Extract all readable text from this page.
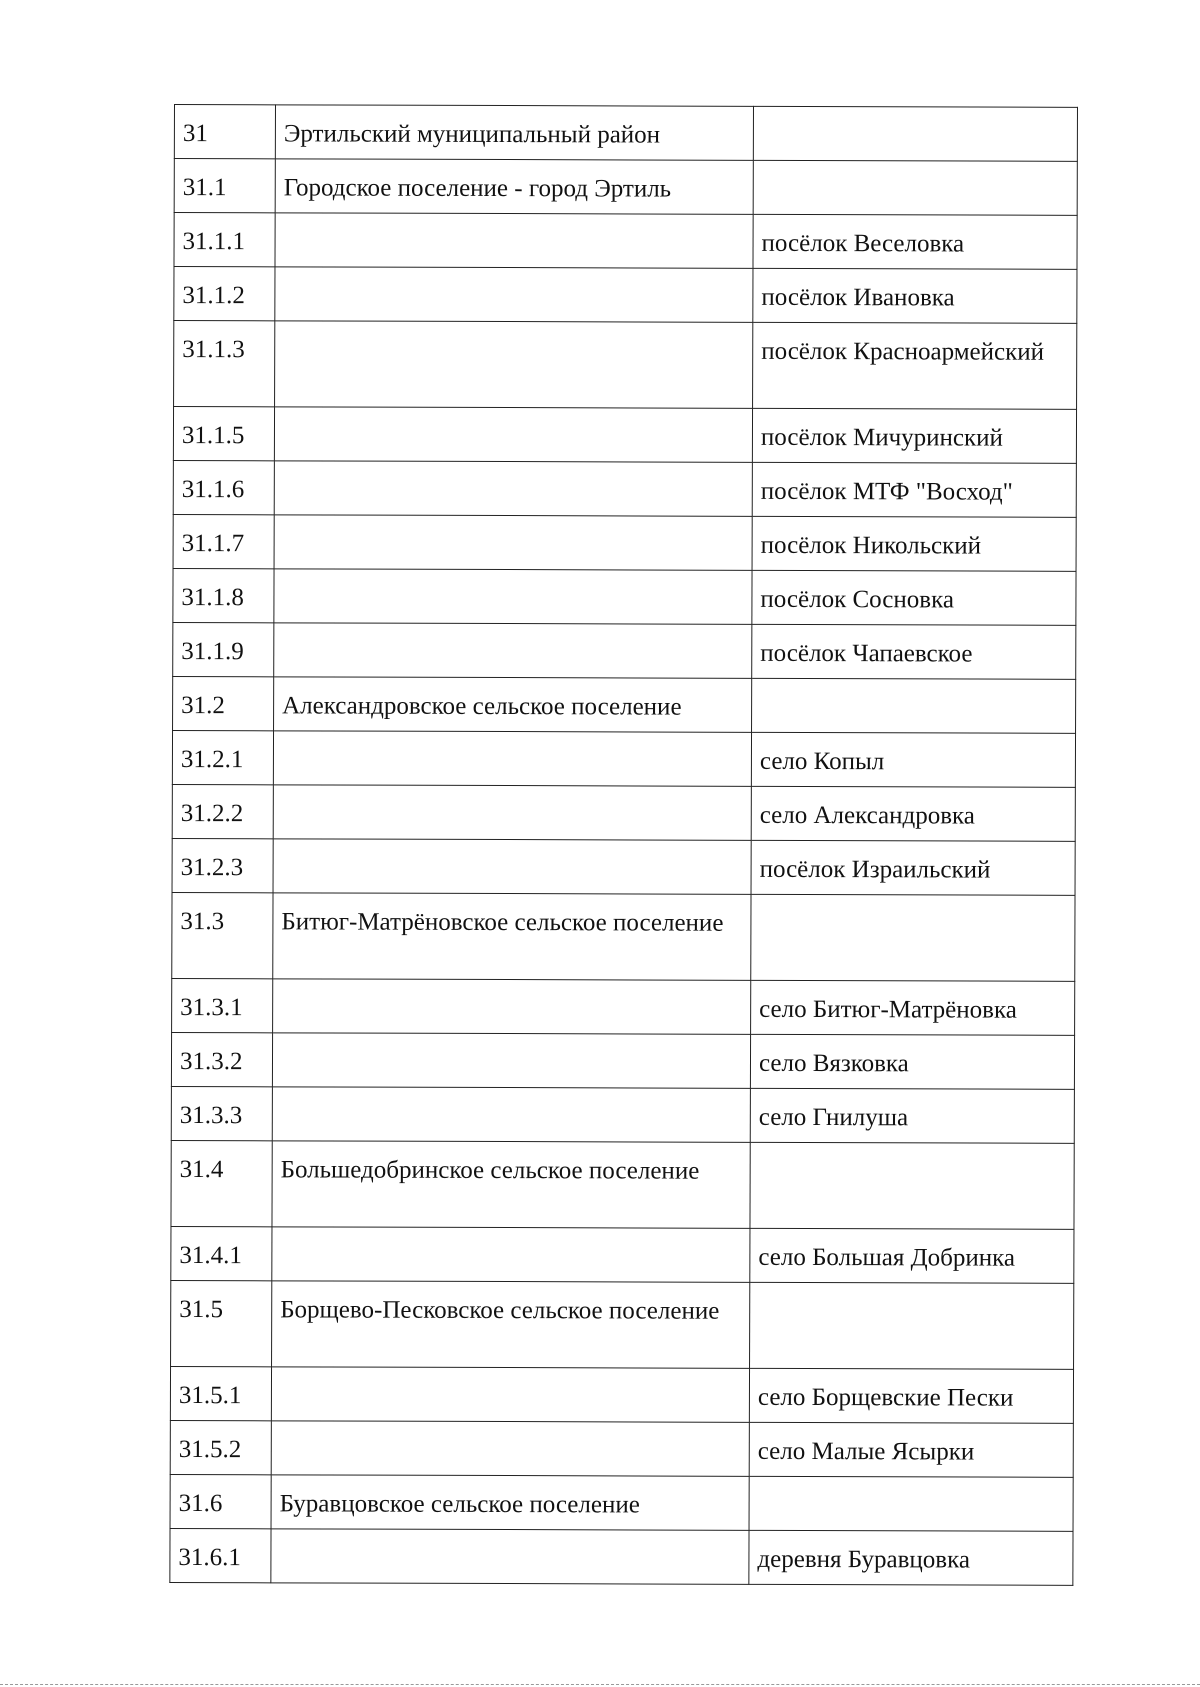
31	Эртильский муниципальный район	
31.1	Городское поселение - город Эртиль	
31.1.1		посёлок Веселовка
31.1.2		посёлок Ивановка
31.1.3		посёлок Красноармейский
31.1.5		посёлок Мичуринский
31.1.6		посёлок МТФ "Восход"
31.1.7		посёлок Никольский
31.1.8		посёлок Сосновка
31.1.9		посёлок Чапаевское
31.2	Александровское сельское поселение	
31.2.1		село Копыл
31.2.2		село Александровка
31.2.3		посёлок Израильский
31.3	Битюг-Матрёновское сельское поселение	
31.3.1		село Битюг-Матрёновка
31.3.2		село Вязковка
31.3.3		село Гнилуша
31.4	Большедобринское сельское поселение	
31.4.1		село Большая Добринка
31.5	Борщево-Песковское сельское поселение	
31.5.1		село Борщевские Пески
31.5.2		село Малые Ясырки
31.6	Буравцовское сельское поселение	
31.6.1		деревня Буравцовка
